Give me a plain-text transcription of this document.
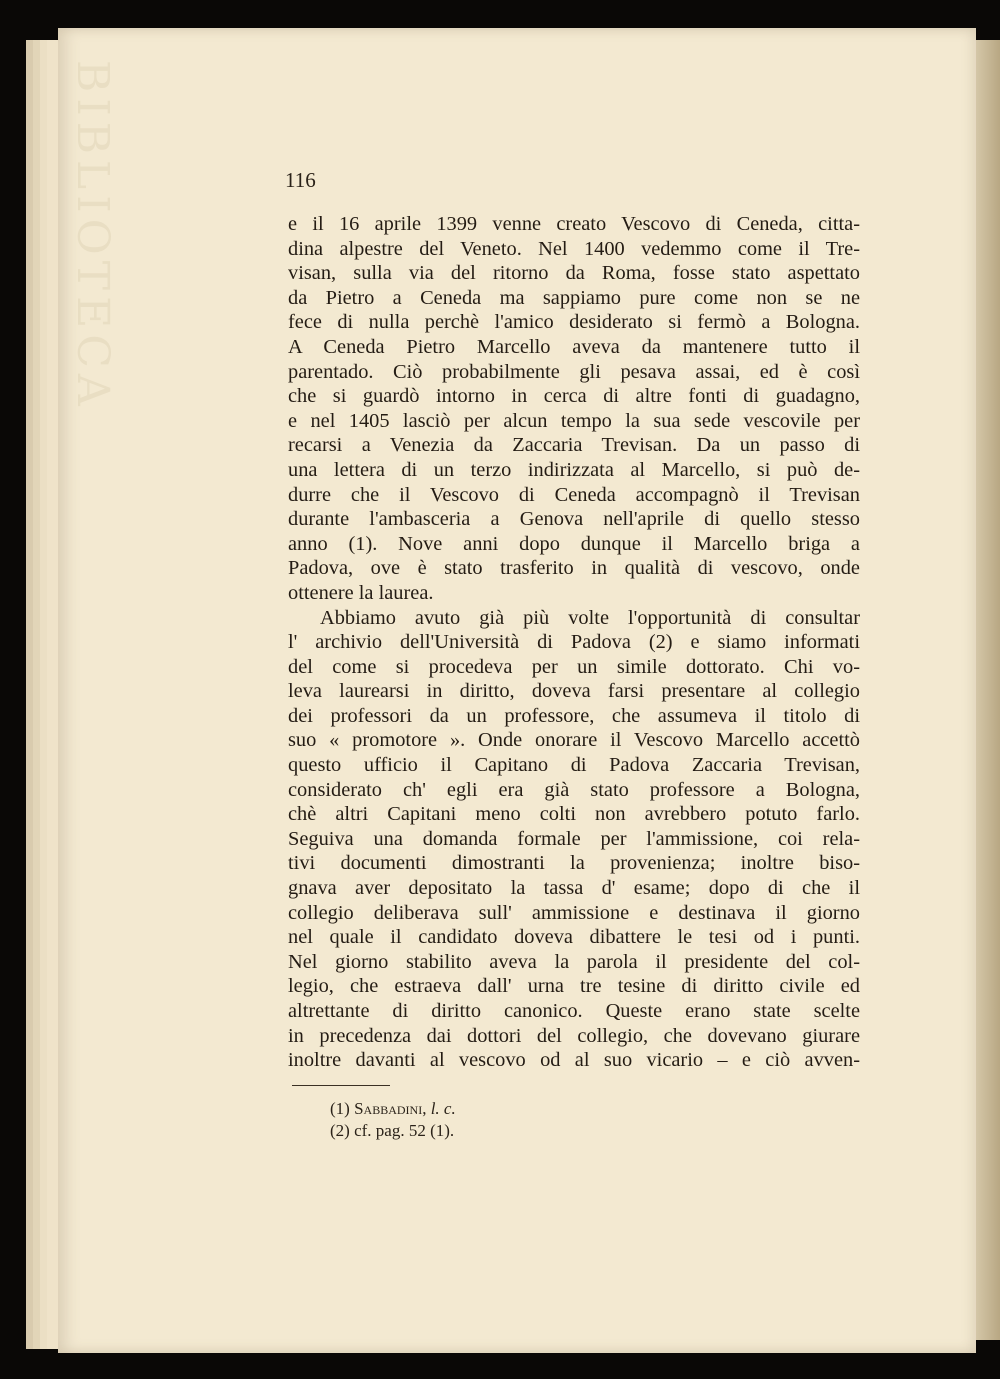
BIBLIOTECA	116
e il 16 aprile 1399 venne creato Vescovo di Ceneda, citta-
dina alpestre del Veneto. Nel 1400 vedemmo come il Tre-
visan, sulla via del ritorno da Roma, fosse stato aspettato
da Pietro a Ceneda ma sappiamo pure come non se ne
fece di nulla perchè l'amico desiderato si fermò a Bologna.
A Ceneda Pietro Marcello aveva da mantenere tutto il
parentado. Ciò probabilmente gli pesava assai, ed è così
che si guardò intorno in cerca di altre fonti di guadagno,
e nel 1405 lasciò per alcun tempo la sua sede vescovile per
recarsi a Venezia da Zaccaria Trevisan. Da un passo di
una lettera di un terzo indirizzata al Marcello, si può de-
durre che il Vescovo di Ceneda accompagnò il Trevisan
durante l'ambasceria a Genova nell'aprile di quello stesso
anno (1). Nove anni dopo dunque il Marcello briga a
Padova, ove è stato trasferito in qualità di vescovo, onde
ottenere la laurea.
Abbiamo avuto già più volte l'opportunità di consultar
l' archivio dell'Università di Padova (2) e siamo informati
del come si procedeva per un simile dottorato. Chi vo-
leva laurearsi in diritto, doveva farsi presentare al collegio
dei professori da un professore, che assumeva il titolo di
suo « promotore ». Onde onorare il Vescovo Marcello accettò
questo ufficio il Capitano di Padova Zaccaria Trevisan,
considerato ch' egli era già stato professore a Bologna,
chè altri Capitani meno colti non avrebbero potuto farlo.
Seguiva una domanda formale per l'ammissione, coi rela-
tivi documenti dimostranti la provenienza; inoltre biso-
gnava aver depositato la tassa d' esame; dopo di che il
collegio deliberava sull' ammissione e destinava il giorno
nel quale il candidato doveva dibattere le tesi od i punti.
Nel giorno stabilito aveva la parola il presidente del col-
legio, che estraeva dall' urna tre tesine di diritto civile ed
altrettante di diritto canonico. Queste erano state scelte
in precedenza dai dottori del collegio, che dovevano giurare
inoltre davanti al vescovo od al suo vicario – e ciò avven-
(1) Sabbadini, l. c.
(2) cf. pag. 52 (1).
